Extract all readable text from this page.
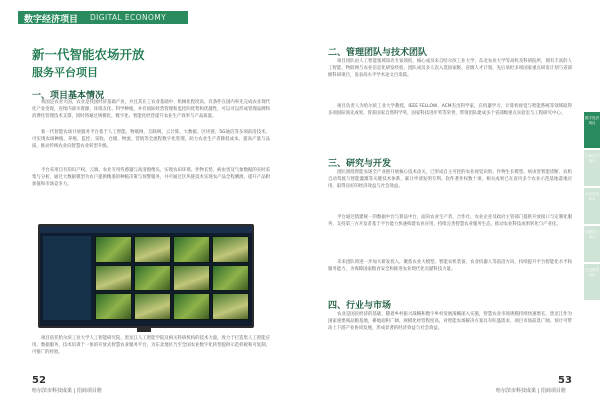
数字经济项目 DIGITAL ECONOMY
新一代智能农场开放
服务平台项目
一、项目基本情况

我国是农业大国，农业是我国经济基础产业，并且其在工农业基础中、机械化程度高、有条件在国内率先完成农业现代化产业变现，连续内部水资源，环境友化、科学种植，并有国际经营管理和监控的优势和优越性，可以可以形成管理品牌和消费化管理技术支撑，同时将通过规模化、数字化、智能化经营提升农业生产效率与产品质量。

新一代智能农场开放服务平台基于人工智能、物联网、互联网、云计算、大数据、区块链、5G通信等多项前沿技术，可实现农场种植、养殖、监控、采收、仓储、物流、营销等全流程数字化管理，助力农业生产者降低成本、提高产量与品质，推动传统农业向智慧农业转型升级。

平台采用自有知识产权、云端、农业专用传感器与高清摄像头，实现农田环境、作物长势、病虫害及气象数据的实时采集与分析，通过大数据模型为农户提供精准的种植决策与预警服务，并可通过区块链技术实现农产品全程溯源，提升产品附加值和市场竞争力。

项目依托哈尔滨工业大学人工智能研究院、黑龙江人工智能学院及相关科研机构的技术力量，致力于打造集人工智能应用、数据服务、技术培训于一体的开放式智慧农业服务平台，为东北地区乃至全国农业数字化转型提供示范样板和可复制、可推广的经验。

52
哈尔滨市科技成果 | 招商项目册
二、管理团队与技术团队

项目团队由人工智能领域知名专家领衔，核心成员来自哈尔滨工业大学、东北农业大学等高校及科研院所，拥有丰富的人工智能、物联网与农业信息化研发经验，团队成员多人次入选国家级、省级人才计划，先后承担多项国家重点研发计划与省部级科研项目，发表高水平学术论文百余篇。

项目负责人为哈尔滨工业大学教授，IEEE FELLOW，ACM杰出科学家，在机器学习、计算机视觉与智能系统等领域取得多项国际领先成果，曾获国家自然科学奖、国家科技进步奖等荣誉，带领团队建成多个省部级重点实验室与工程研究中心。

三、研究与开发

团队围绕智能农场全产业链开展核心技术攻关，已形成自主可控的农业视觉识别、作物生长模型、病虫害智能诊断、农机自动驾驶与智能灌溉等关键技术体系，累计申请发明专利、软件著作权数十项，相关成果已在省内多个农业示范基地落地应用，取得良好的经济效益与社会效益。

平台通过搭建统一的数据中台与算法中台，面向农业生产者、合作社、农业企业及政府主管部门提供开放接口与定制化服务，支持第三方开发者基于平台能力快速构建农业应用，持续完善智慧农业服务生态，推动农业科技成果转化与产业化。

未来团队将进一步加大研发投入，聚焦农业大模型、智能农机装备、农业机器人等前沿方向，持续提升平台智能化水平和服务能力，为保障国家粮食安全和推进农业现代化贡献科技力量。

四、行业与市场

农业是国民经济的基础，随着乡村振兴战略和数字乡村发展战略深入实施，智慧农业市场规模持续快速增长，黑龙江作为国家重要商品粮基地，耕地面积广阔、规模化经营程度高，对智能农场解决方案具有旺盛需求，项目市场前景广阔，预计可带动上下游产业协同发展，形成显著的经济效益与社会效益。

53
哈尔滨市科技成果 | 招商项目册
数字经济项目
生物经济项目
冰雪经济项目
创意设计项目
先进制造项目
